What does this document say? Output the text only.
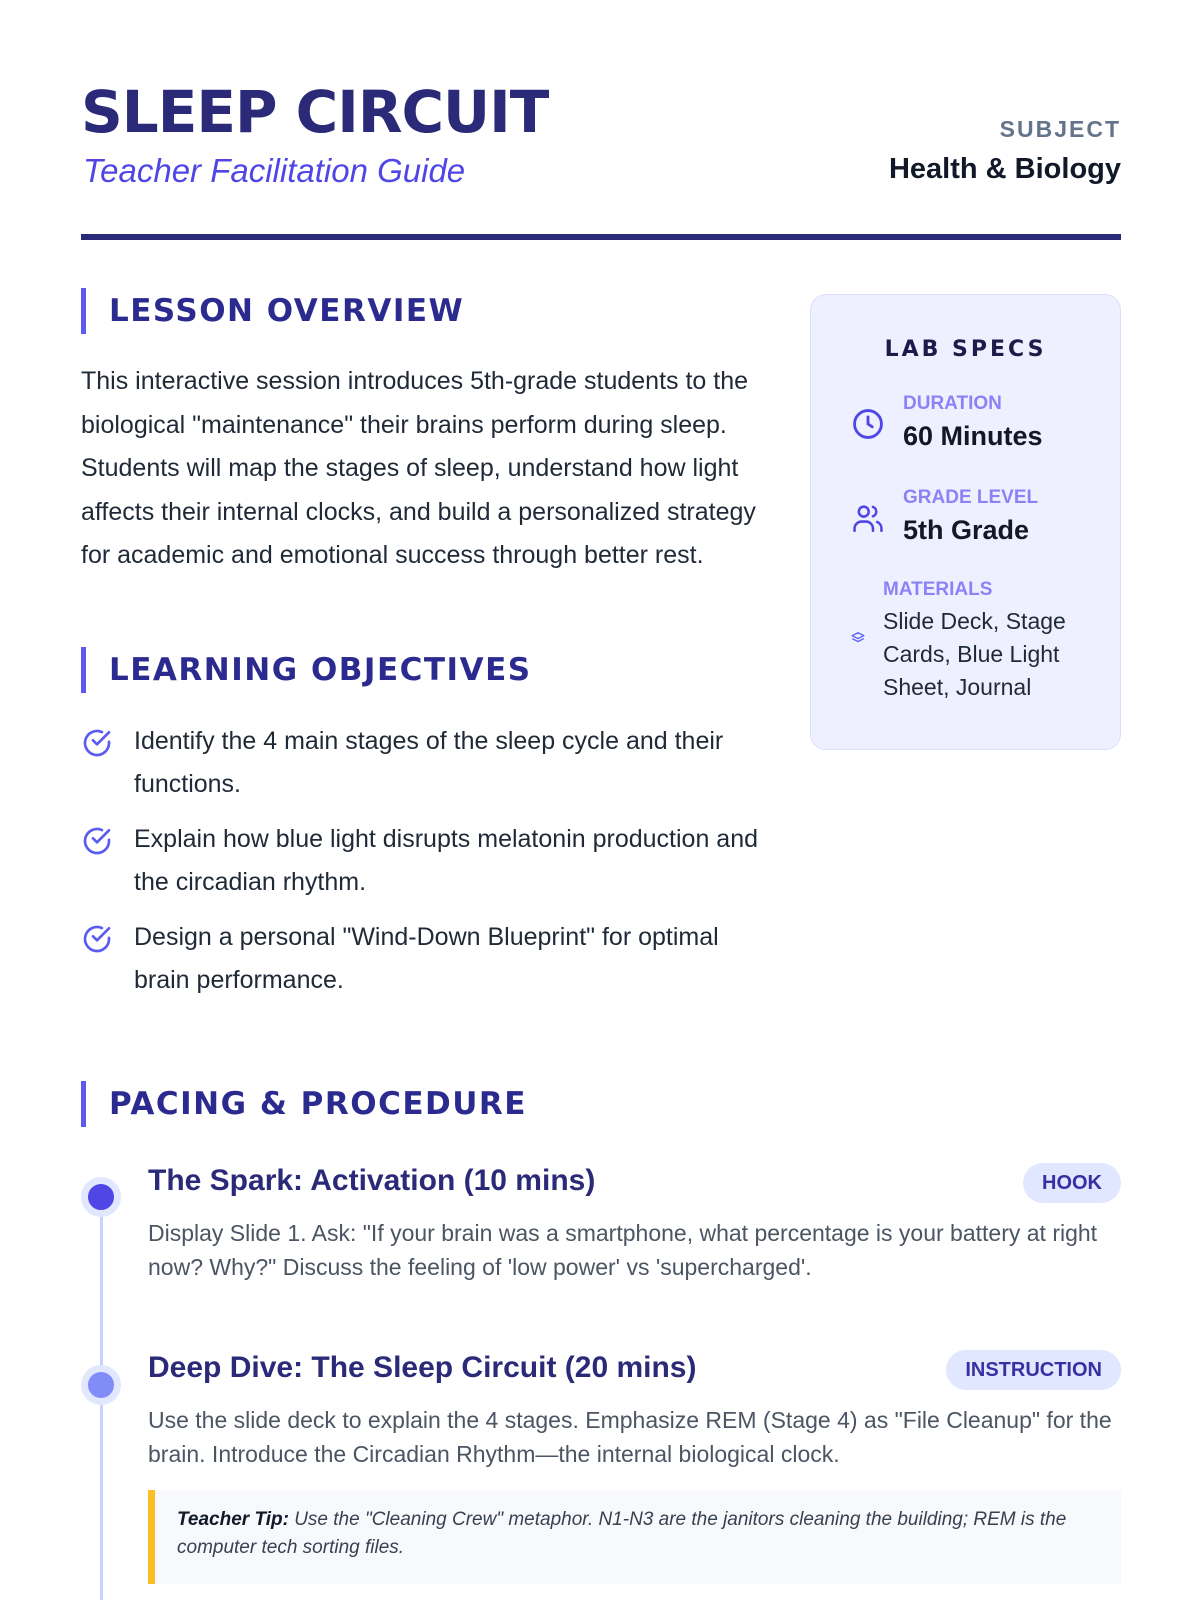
SLEEP CIRCUIT
Teacher Facilitation Guide
SUBJECT
Health & Biology
LESSON OVERVIEW

This interactive session introduces 5th-grade students to the biological "maintenance" their brains perform during sleep. Students will map the stages of sleep, understand how light affects their internal clocks, and build a personalized strategy for academic and emotional success through better rest.

LEARNING OBJECTIVES
Identify the 4 main stages of the sleep cycle and their functions.
Explain how blue light disrupts melatonin production and the circadian rhythm.
Design a personal "Wind-Down Blueprint" for optimal brain performance.
LAB SPECS
DURATION
60 Minutes
GRADE LEVEL
5th Grade
MATERIALS
Slide Deck, Stage Cards, Blue Light Sheet, Journal
PACING & PROCEDURE
The Spark: Activation (10 mins)	HOOK
Display Slide 1. Ask: "If your brain was a smartphone, what percentage is your battery at right now? Why?" Discuss the feeling of 'low power' vs 'supercharged'.
Deep Dive: The Sleep Circuit (20 mins)	INSTRUCTION
Use the slide deck to explain the 4 stages. Emphasize REM (Stage 4) as "File Cleanup" for the brain. Introduce the Circadian Rhythm—the internal biological clock.
Teacher Tip: Use the "Cleaning Crew" metaphor. N1-N3 are the janitors cleaning the building; REM is the computer tech sorting files.
